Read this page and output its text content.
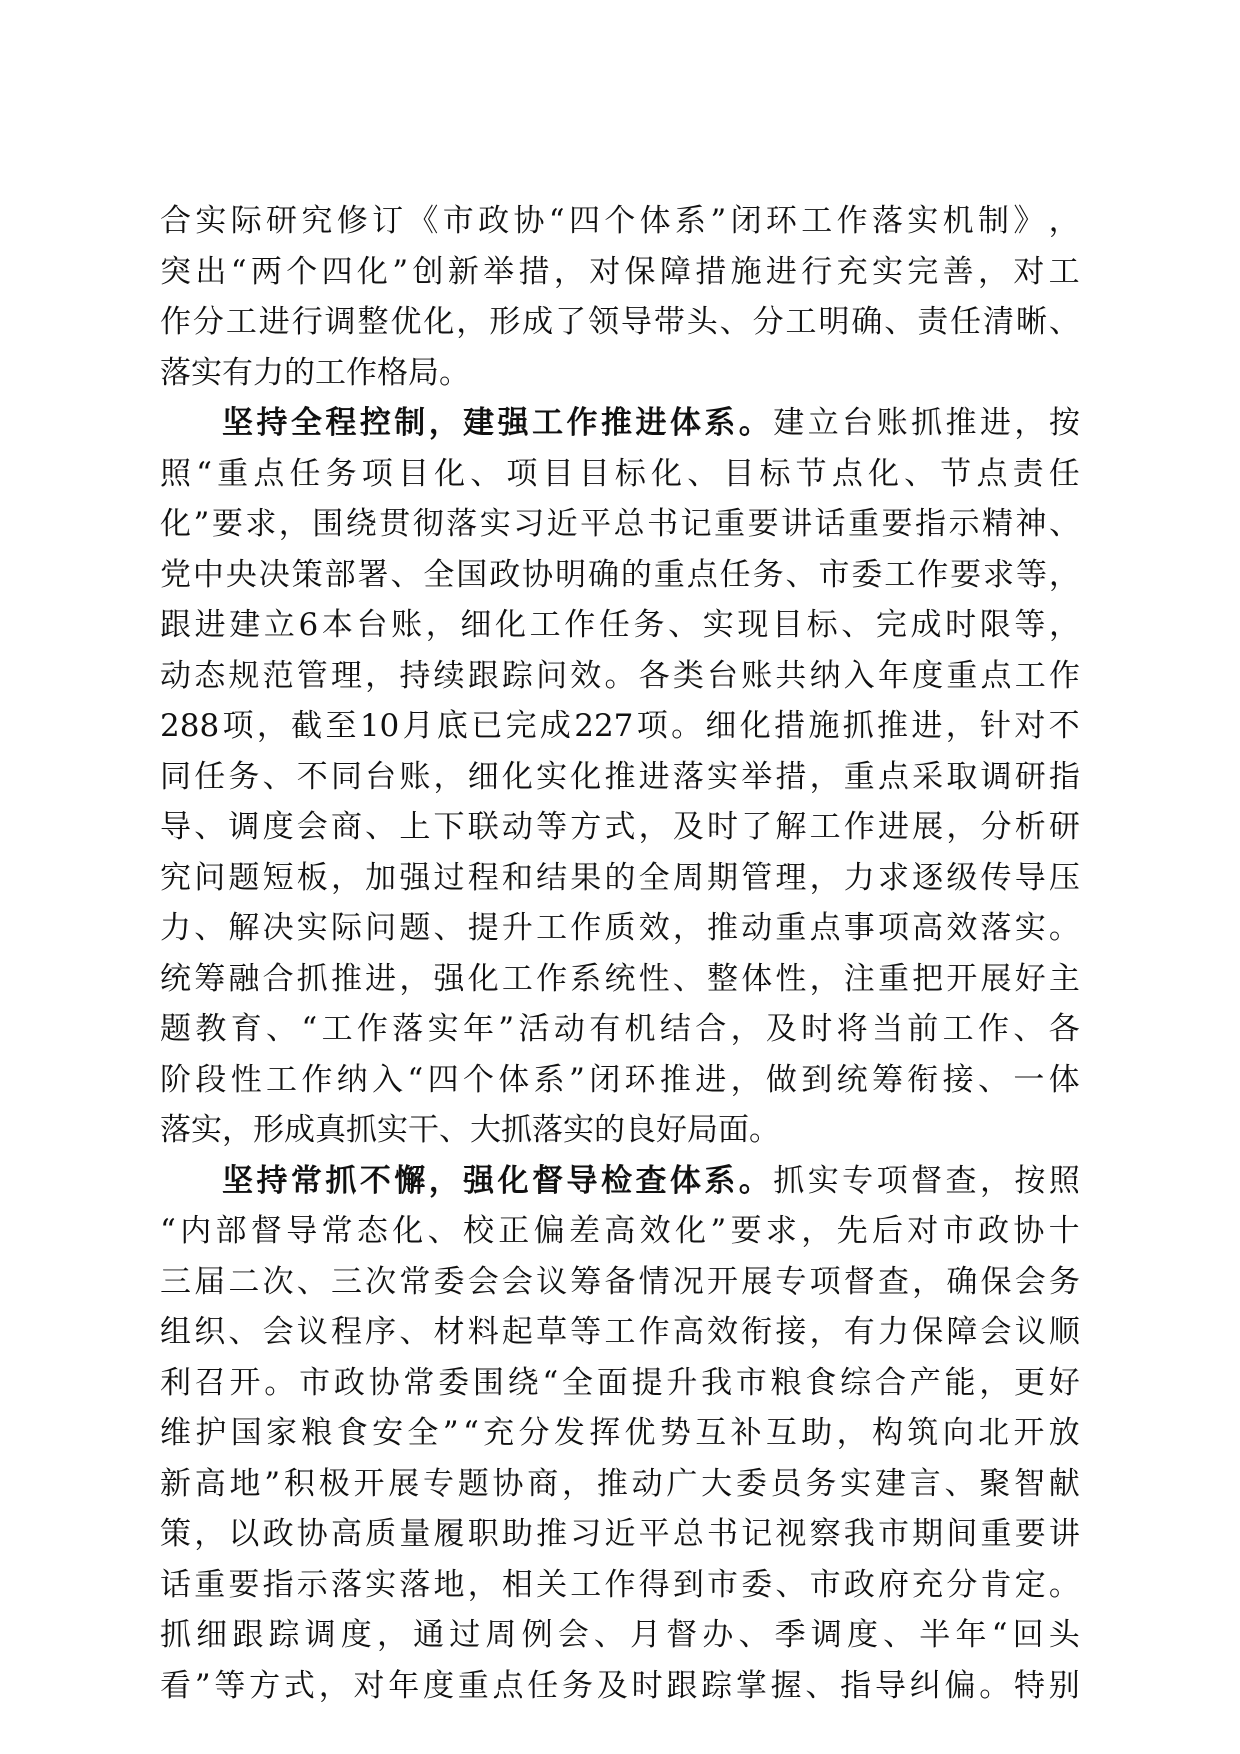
合 实 际 研 究 修 订 《 市 政 协 “ 四 个 体 系 ” 闭 环 工 作 落 实 机 制 》 ，
突 出 “ 两 个 四 化 ” 创 新 举 措 ， 对 保 障 措 施 进 行 充 实 完 善 ， 对 工
作 分 工 进 行 调 整 优 化 ， 形 成 了 领 导 带 头 、 分 工 明 确 、 责 任 清 晰 、
落 实 有 力 的 工 作 格 局 。
坚 持 全 程 控 制 ， 建 强 工 作 推 进 体 系 。 建 立 台 账 抓 推 进 ， 按
照 “ 重 点 任 务 项 目 化 、 项 目 目 标 化 、 目 标 节 点 化 、 节 点 责 任
化 ” 要 求 ， 围 绕 贯 彻 落 实 习 近 平 总 书 记 重 要 讲 话 重 要 指 示 精 神 、
党 中 央 决 策 部 署 、 全 国 政 协 明 确 的 重 点 任 务 、 市 委 工 作 要 求 等 ，
跟 进 建 立 6 本 台 账 ， 细 化 工 作 任 务 、 实 现 目 标 、 完 成 时 限 等 ，
动 态 规 范 管 理 ， 持 续 跟 踪 问 效 。 各 类 台 账 共 纳 入 年 度 重 点 工 作
288 项 ， 截 至 10 月 底 已 完 成 227 项 。 细 化 措 施 抓 推 进 ， 针 对 不
同 任 务 、 不 同 台 账 ， 细 化 实 化 推 进 落 实 举 措 ， 重 点 采 取 调 研 指
导 、 调 度 会 商 、 上 下 联 动 等 方 式 ， 及 时 了 解 工 作 进 展 ， 分 析 研
究 问 题 短 板 ， 加 强 过 程 和 结 果 的 全 周 期 管 理 ， 力 求 逐 级 传 导 压
力 、 解 决 实 际 问 题 、 提 升 工 作 质 效 ， 推 动 重 点 事 项 高 效 落 实 。
统 筹 融 合 抓 推 进 ， 强 化 工 作 系 统 性 、 整 体 性 ， 注 重 把 开 展 好 主
题 教 育 、 “ 工 作 落 实 年 ” 活 动 有 机 结 合 ， 及 时 将 当 前 工 作 、 各
阶 段 性 工 作 纳 入 “ 四 个 体 系 ” 闭 环 推 进 ， 做 到 统 筹 衔 接 、 一 体
落 实 ， 形 成 真 抓 实 干 、 大 抓 落 实 的 良 好 局 面 。
坚 持 常 抓 不 懈 ， 强 化 督 导 检 查 体 系 。 抓 实 专 项 督 查 ， 按 照
“ 内 部 督 导 常 态 化 、 校 正 偏 差 高 效 化 ” 要 求 ， 先 后 对 市 政 协 十
三 届 二 次 、 三 次 常 委 会 会 议 筹 备 情 况 开 展 专 项 督 查 ， 确 保 会 务
组 织 、 会 议 程 序 、 材 料 起 草 等 工 作 高 效 衔 接 ， 有 力 保 障 会 议 顺
利 召 开 。 市 政 协 常 委 围 绕 “ 全 面 提 升 我 市 粮 食 综 合 产 能 ， 更 好
维 护 国 家 粮 食 安 全 ” “ 充 分 发 挥 优 势 互 补 互 助 ， 构 筑 向 北 开 放
新 高 地 ” 积 极 开 展 专 题 协 商 ， 推 动 广 大 委 员 务 实 建 言 、 聚 智 献
策 ， 以 政 协 高 质 量 履 职 助 推 习 近 平 总 书 记 视 察 我 市 期 间 重 要 讲
话 重 要 指 示 落 实 落 地 ， 相 关 工 作 得 到 市 委 、 市 政 府 充 分 肯 定 。
抓 细 跟 踪 调 度 ， 通 过 周 例 会 、 月 督 办 、 季 调 度 、 半 年 “ 回 头
看 ” 等 方 式 ， 对 年 度 重 点 任 务 及 时 跟 踪 掌 握 、 指 导 纠 偏 。 特 别
